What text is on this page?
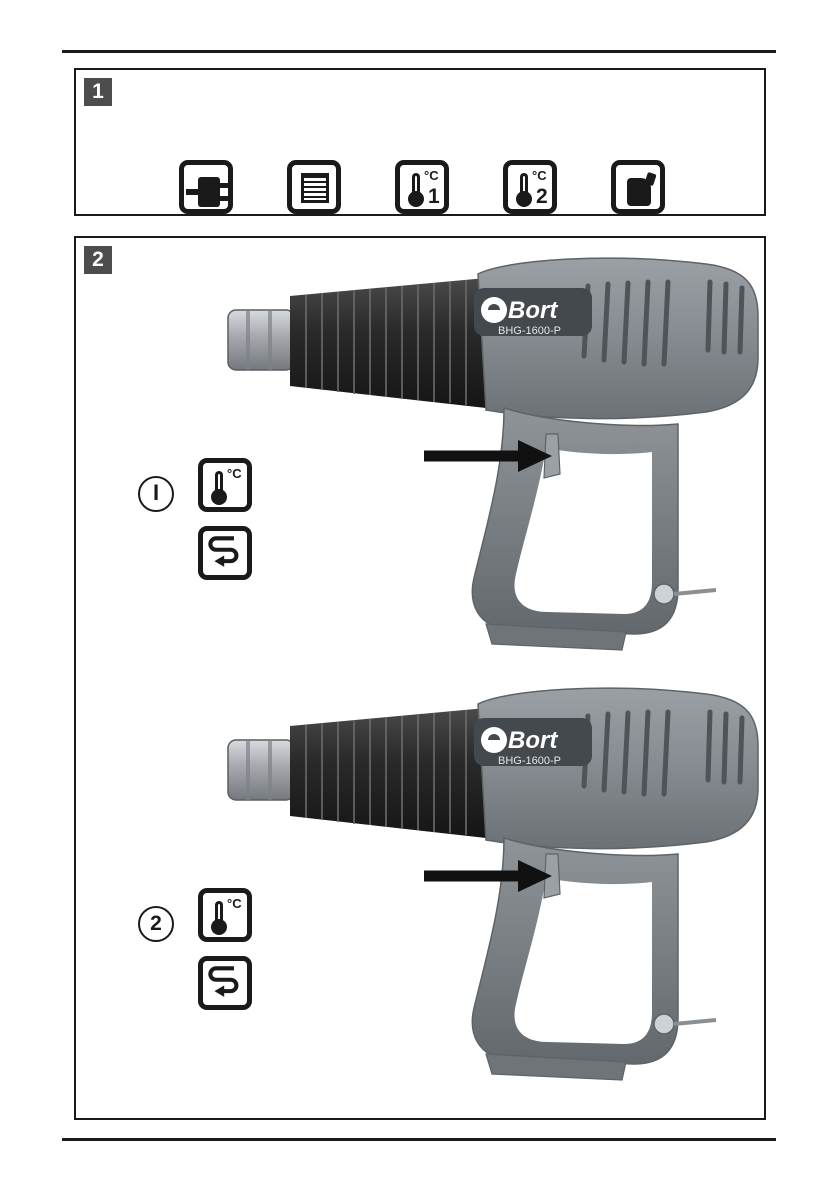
1
°C
1
°C
2
2
I
°C
2
°C
Bort
BHG-1600-P
Bort
BHG-1600-P
